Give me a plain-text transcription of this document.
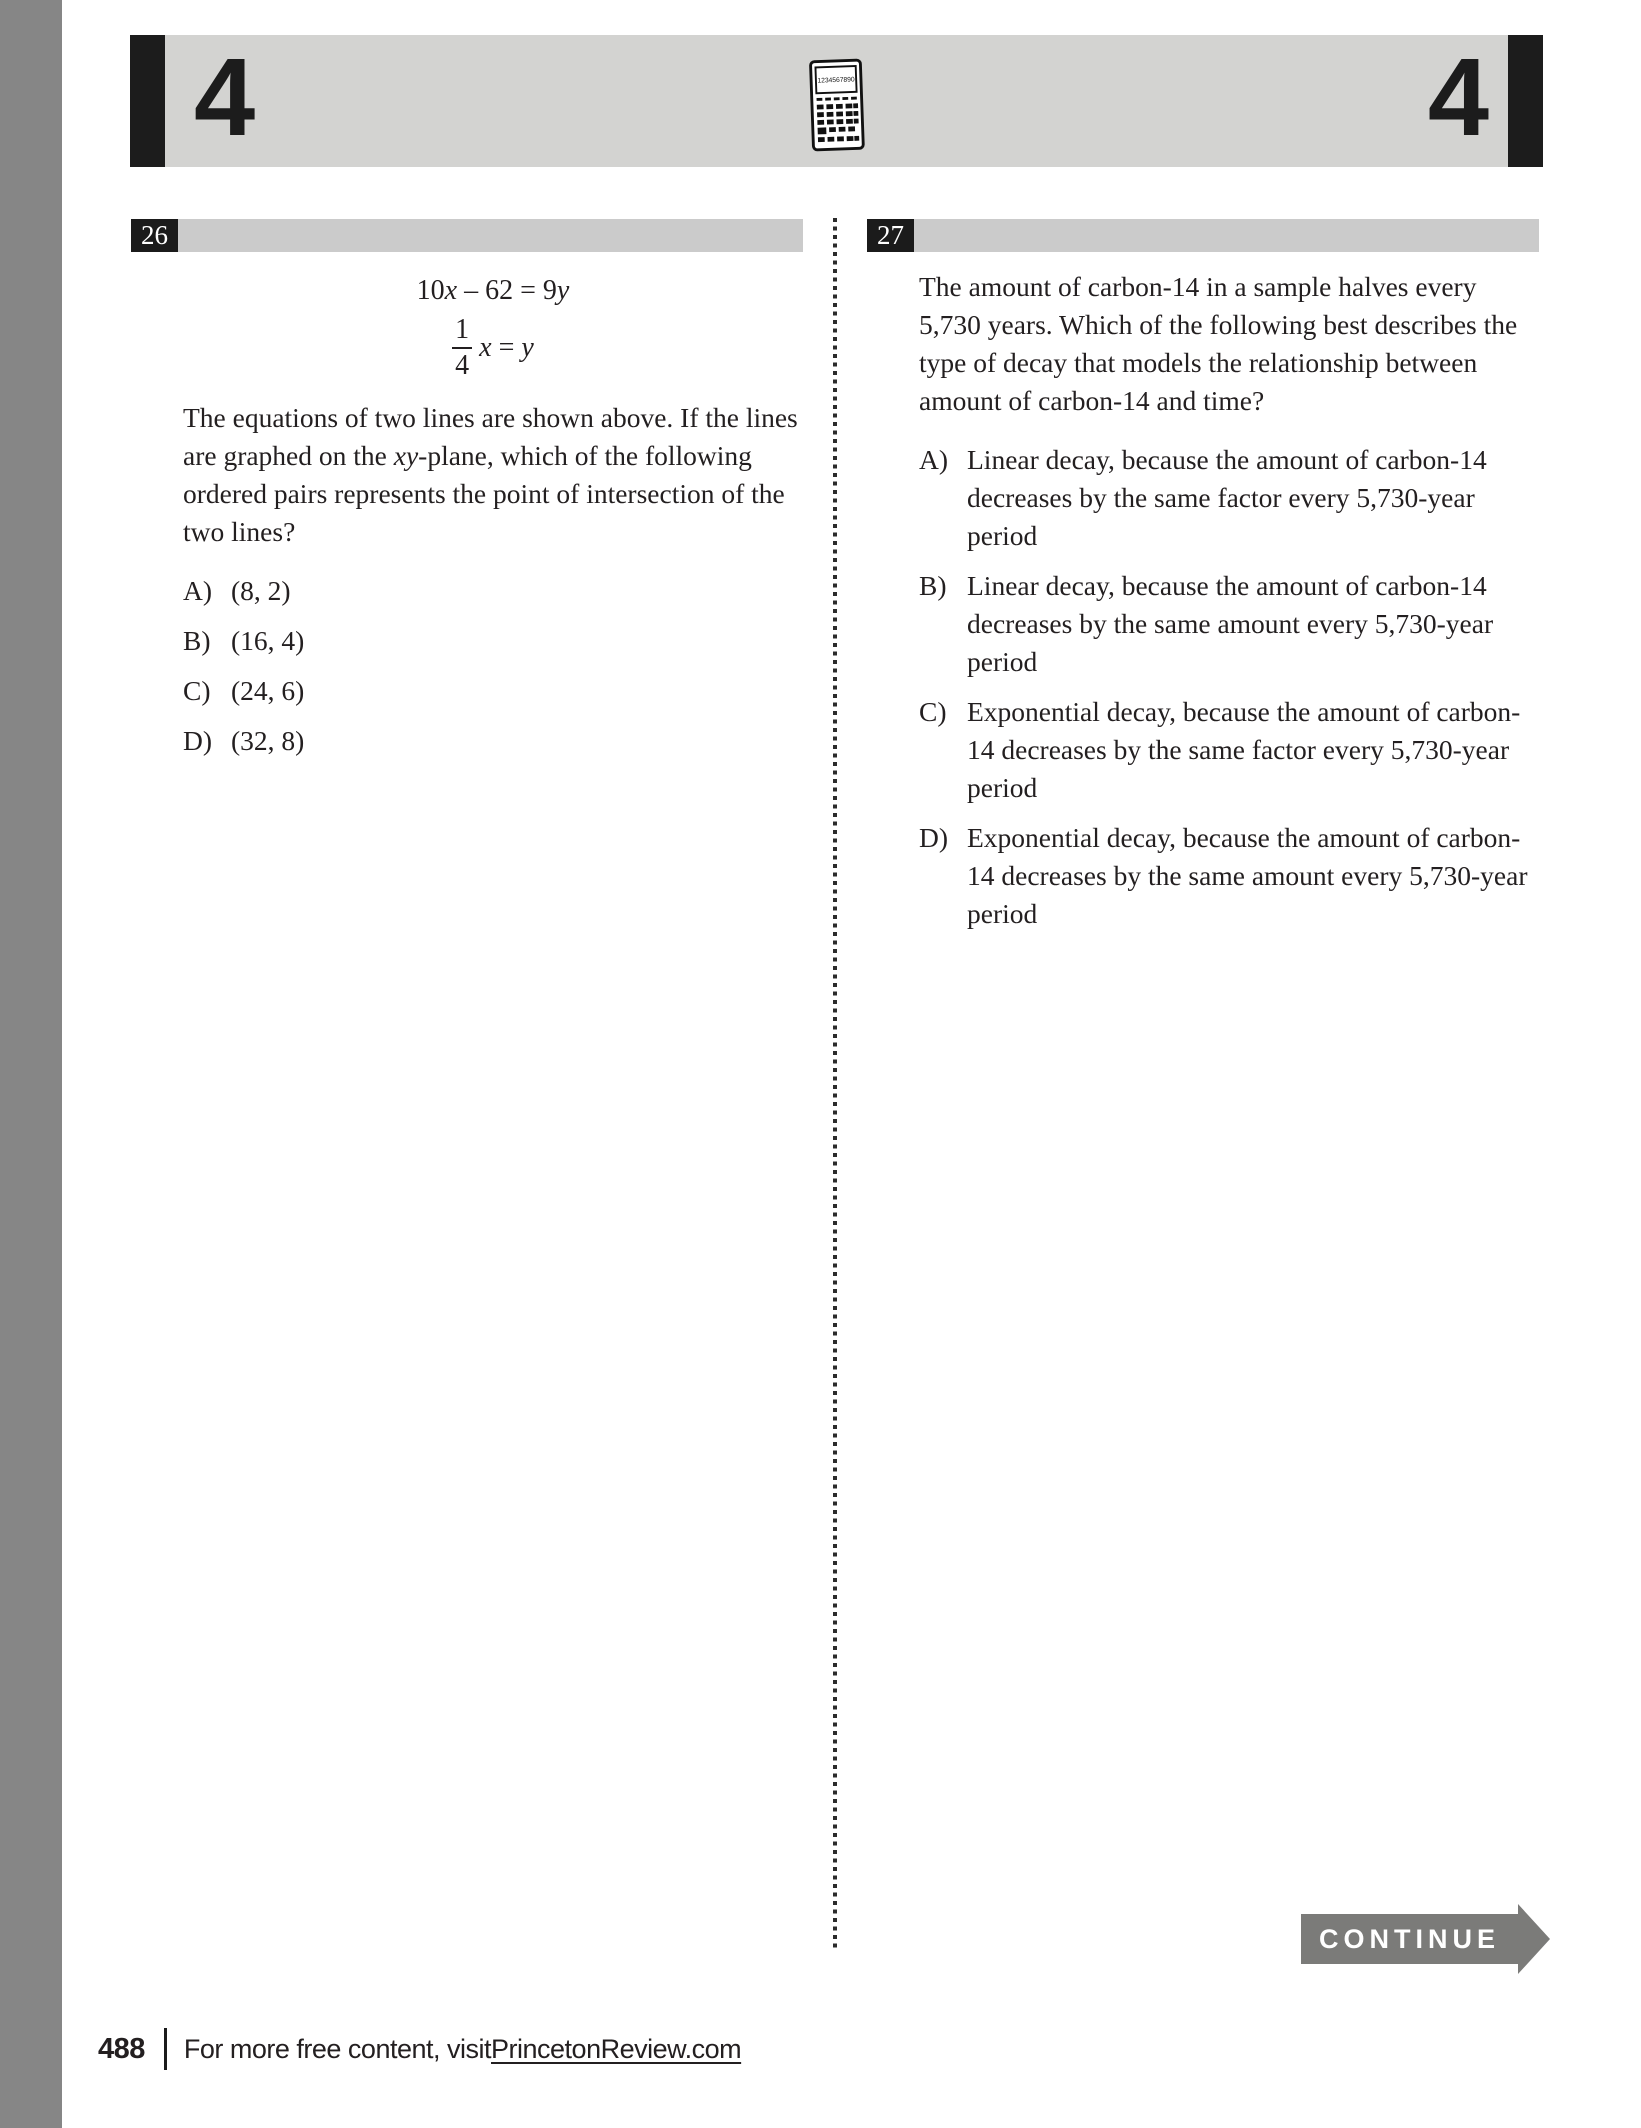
4	4
1234567890
26
10x – 62 = 9y
$\frac{1}{4}$ x = y

The equations of two lines are shown above. If the lines are graphed on the xy-plane, which of the following ordered pairs represents the point of intersection of the two lines?

A) (8, 2)
B) (16, 4)
C) (24, 6)
D) (32, 8)
27

The amount of carbon-14 in a sample halves every 5,730 years. Which of the following best describes the type of decay that models the relationship between amount of carbon-14 and time?

A) Linear decay, because the amount of carbon-14 decreases by the same factor every 5,730-year period
B) Linear decay, because the amount of carbon-14 decreases by the same amount every 5,730-year period
C) Exponential decay, because the amount of carbon-14 decreases by the same factor every 5,730-year period
D) Exponential decay, because the amount of carbon-14 decreases by the same amount every 5,730-year period
CONTINUE
488 For more free content, visit PrincetonReview.com
